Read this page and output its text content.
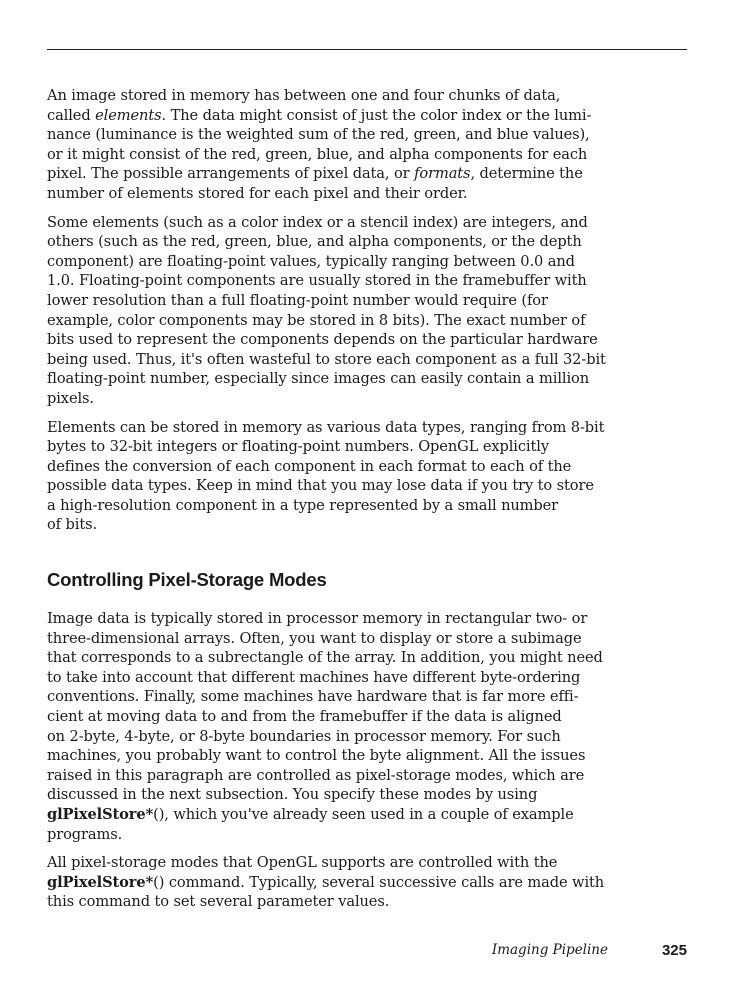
An image stored in memory has between one and four chunks of data,
called elements. The data might consist of just the color index or the lumi-
nance (luminance is the weighted sum of the red, green, and blue values),
or it might consist of the red, green, blue, and alpha components for each
pixel. The possible arrangements of pixel data, or formats, determine the
number of elements stored for each pixel and their order.

Some elements (such as a color index or a stencil index) are integers, and
others (such as the red, green, blue, and alpha components, or the depth
component) are floating-point values, typically ranging between 0.0 and
1.0. Floating-point components are usually stored in the framebuffer with
lower resolution than a full floating-point number would require (for
example, color components may be stored in 8 bits). The exact number of
bits used to represent the components depends on the particular hardware
being used. Thus, it's often wasteful to store each component as a full 32-bit
floating-point number, especially since images can easily contain a million
pixels.

Elements can be stored in memory as various data types, ranging from 8-bit
bytes to 32-bit integers or floating-point numbers. OpenGL explicitly
defines the conversion of each component in each format to each of the
possible data types. Keep in mind that you may lose data if you try to store
a high-resolution component in a type represented by a small number
of bits.

Controlling Pixel-Storage Modes

Image data is typically stored in processor memory in rectangular two- or
three-dimensional arrays. Often, you want to display or store a subimage
that corresponds to a subrectangle of the array. In addition, you might need
to take into account that different machines have different byte-ordering
conventions. Finally, some machines have hardware that is far more effi-
cient at moving data to and from the framebuffer if the data is aligned
on 2-byte, 4-byte, or 8-byte boundaries in processor memory. For such
machines, you probably want to control the byte alignment. All the issues
raised in this paragraph are controlled as pixel-storage modes, which are
discussed in the next subsection. You specify these modes by using
glPixelStore*(), which you've already seen used in a couple of example
programs.

All pixel-storage modes that OpenGL supports are controlled with the
glPixelStore*() command. Typically, several successive calls are made with
this command to set several parameter values.

Imaging Pipeline	325
